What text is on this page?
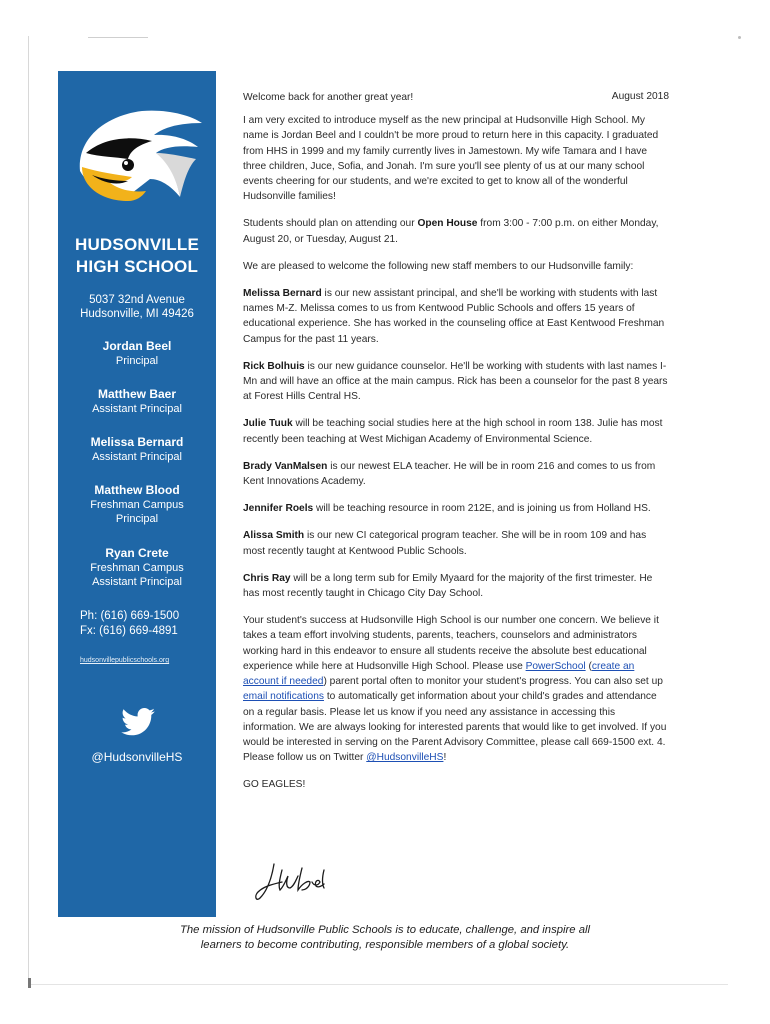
HUDSONVILLE
HIGH SCHOOL
5037 32nd Avenue
Hudsonville, MI 49426
Jordan Beel
Principal
Matthew Baer
Assistant Principal
Melissa Bernard
Assistant Principal
Matthew Blood
Freshman Campus
Principal
Ryan Crete
Freshman Campus
Assistant Principal
Ph: (616) 669-1500
Fx: (616) 669-4891
hudsonvillepublicschools.org
@HudsonvilleHS
August 2018

Welcome back for another great year!

I am very excited to introduce myself as the new principal at Hudsonville High School. My name is Jordan Beel and I couldn't be more proud to return here in this capacity. I graduated from HHS in 1999 and my family currently lives in Jamestown. My wife Tamara and I have three children, Juce, Sofia, and Jonah. I'm sure you'll see plenty of us at our many school events cheering for our students, and we're excited to get to know all of the wonderful Hudsonville families!

Students should plan on attending our Open House from 3:00 - 7:00 p.m. on either Monday, August 20, or Tuesday, August 21.

We are pleased to welcome the following new staff members to our Hudsonville family:

Melissa Bernard is our new assistant principal, and she'll be working with students with last names M-Z. Melissa comes to us from Kentwood Public Schools and offers 15 years of educational experience. She has worked in the counseling office at East Kentwood Freshman Campus for the past 11 years.

Rick Bolhuis is our new guidance counselor. He'll be working with students with last names I-Mn and will have an office at the main campus. Rick has been a counselor for the past 8 years at Forest Hills Central HS.

Julie Tuuk will be teaching social studies here at the high school in room 138. Julie has most recently been teaching at West Michigan Academy of Environmental Science.

Brady VanMalsen is our newest ELA teacher. He will be in room 216 and comes to us from Kent Innovations Academy.

Jennifer Roels will be teaching resource in room 212E, and is joining us from Holland HS.

Alissa Smith is our new CI categorical program teacher. She will be in room 109 and has most recently taught at Kentwood Public Schools.

Chris Ray will be a long term sub for Emily Myaard for the majority of the first trimester. He has most recently taught in Chicago City Day School.

Your student's success at Hudsonville High School is our number one concern. We believe it takes a team effort involving students, parents, teachers, counselors and administrators working hard in this endeavor to ensure all students receive the absolute best educational experience while here at Hudsonville High School. Please use PowerSchool (create an account if needed) parent portal often to monitor your student's progress. You can also set up email notifications to automatically get information about your child's grades and attendance on a regular basis. Please let us know if you need any assistance in accessing this information. We are always looking for interested parents that would like to get involved. If you would be interested in serving on the Parent Advisory Committee, please call 669-1500 ext. 4. Please follow us on Twitter @HudsonvilleHS!

GO EAGLES!

The mission of Hudsonville Public Schools is to educate, challenge, and inspire all
learners to become contributing, responsible members of a global society.
